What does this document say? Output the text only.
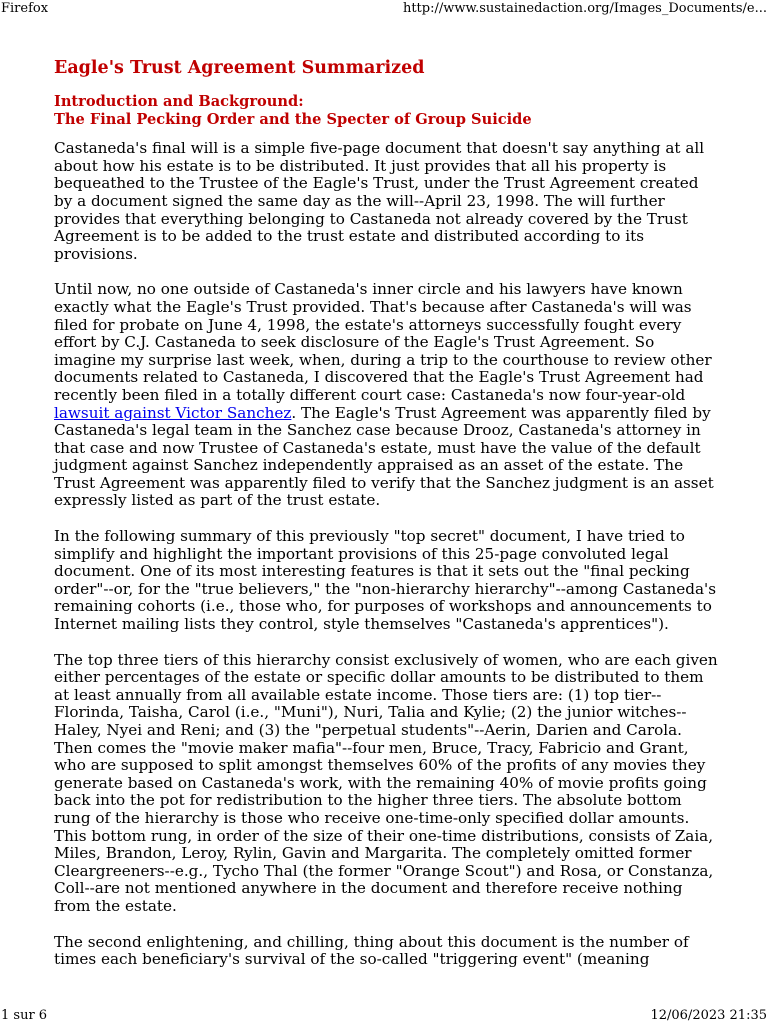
Firefox	http://www.sustainedaction.org/Images_Documents/e...
Eagle's Trust Agreement Summarized
Introduction and Background:
The Final Pecking Order and the Specter of Group Suicide

Castaneda's final will is a simple five-page document that doesn't say anything at all about how his estate is to be distributed. It just provides that all his property is bequeathed to the Trustee of the Eagle's Trust, under the Trust Agreement created by a document signed the same day as the will--April 23, 1998. The will further provides that everything belonging to Castaneda not already covered by the Trust Agreement is to be added to the trust estate and distributed according to its provisions.

Until now, no one outside of Castaneda's inner circle and his lawyers have known exactly what the Eagle's Trust provided. That's because after Castaneda's will was filed for probate on June 4, 1998, the estate's attorneys successfully fought every effort by C.J. Castaneda to seek disclosure of the Eagle's Trust Agreement. So imagine my surprise last week, when, during a trip to the courthouse to review other documents related to Castaneda, I discovered that the Eagle's Trust Agreement had recently been filed in a totally different court case: Castaneda's now four-year-old lawsuit against Victor Sanchez. The Eagle's Trust Agreement was apparently filed by Castaneda's legal team in the Sanchez case because Drooz, Castaneda's attorney in that case and now Trustee of Castaneda's estate, must have the value of the default judgment against Sanchez independently appraised as an asset of the estate. The Trust Agreement was apparently filed to verify that the Sanchez judgment is an asset expressly listed as part of the trust estate.

In the following summary of this previously "top secret" document, I have tried to simplify and highlight the important provisions of this 25-page convoluted legal document. One of its most interesting features is that it sets out the "final pecking order"--or, for the "true believers," the "non-hierarchy hierarchy"--among Castaneda's remaining cohorts (i.e., those who, for purposes of workshops and announcements to Internet mailing lists they control, style themselves "Castaneda's apprentices").

The top three tiers of this hierarchy consist exclusively of women, who are each given either percentages of the estate or specific dollar amounts to be distributed to them at least annually from all available estate income. Those tiers are: (1) top tier--Florinda, Taisha, Carol (i.e., "Muni"), Nuri, Talia and Kylie; (2) the junior witches--Haley, Nyei and Reni; and (3) the "perpetual students"--Aerin, Darien and Carola. Then comes the "movie maker mafia"--four men, Bruce, Tracy, Fabricio and Grant, who are supposed to split amongst themselves 60% of the profits of any movies they generate based on Castaneda's work, with the remaining 40% of movie profits going back into the pot for redistribution to the higher three tiers. The absolute bottom rung of the hierarchy is those who receive one-time-only specified dollar amounts. This bottom rung, in order of the size of their one-time distributions, consists of Zaia, Miles, Brandon, Leroy, Rylin, Gavin and Margarita. The completely omitted former Cleargreeners--e.g., Tycho Thal (the former "Orange Scout") and Rosa, or Constanza, Coll--are not mentioned anywhere in the document and therefore receive nothing from the estate.

The second enlightening, and chilling, thing about this document is the number of times each beneficiary's survival of the so-called "triggering event" (meaning

1 sur 6	12/06/2023 21:35
